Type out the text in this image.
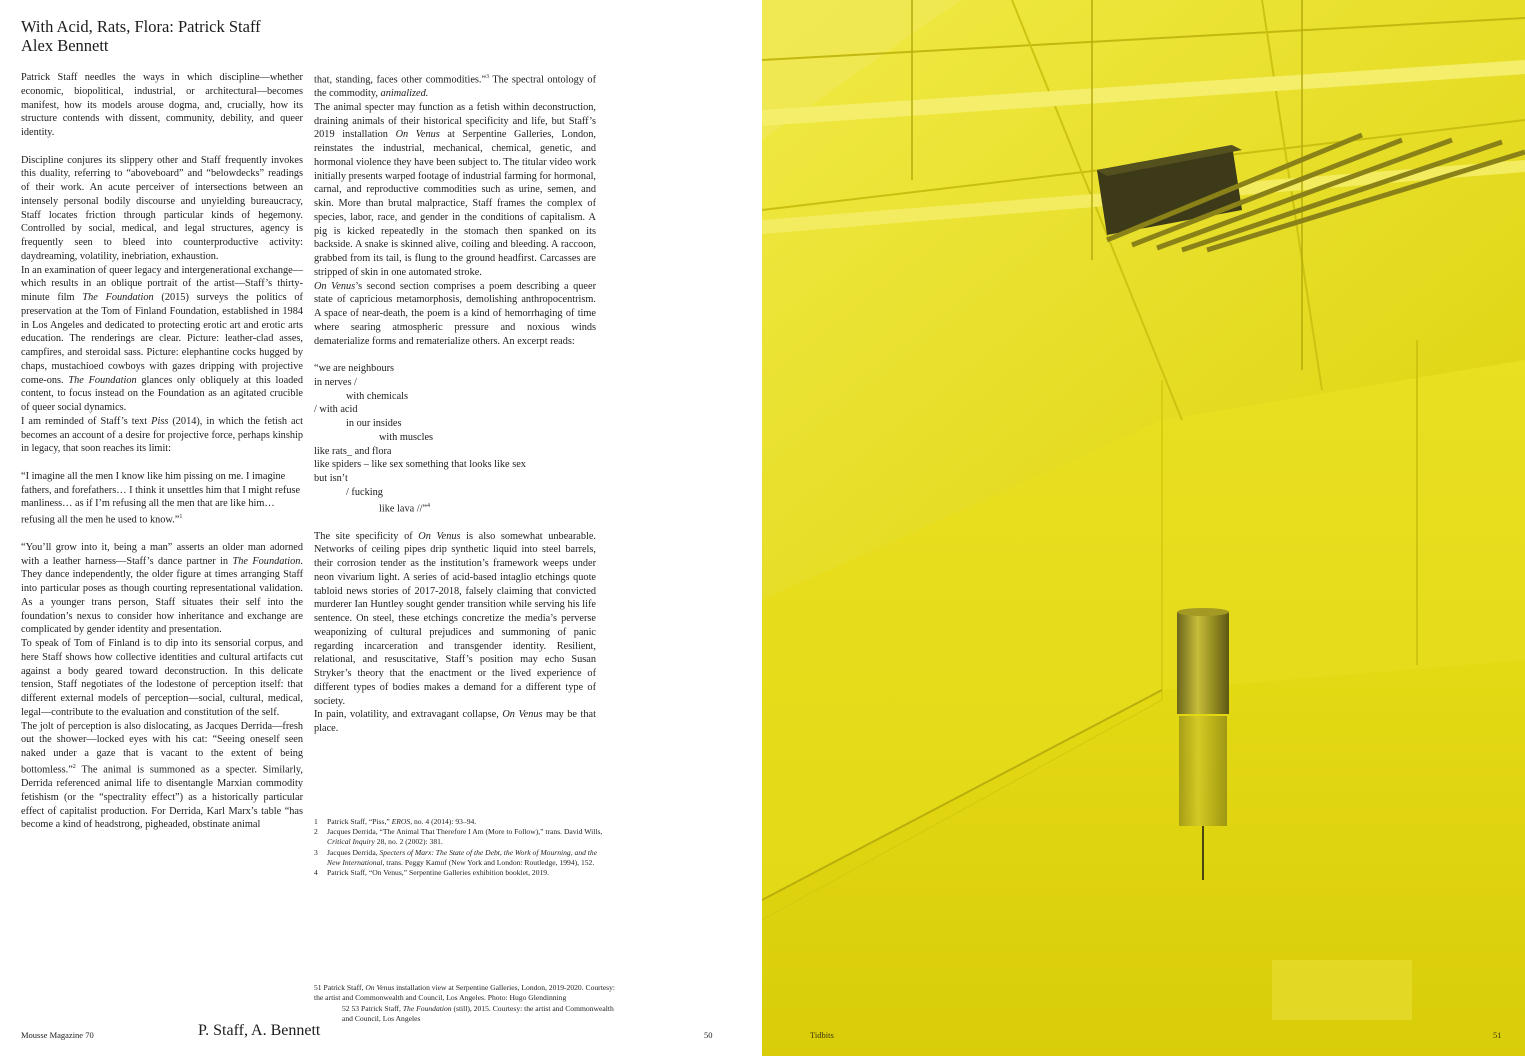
With Acid, Rats, Flora: Patrick Staff
Alex Bennett

Patrick Staff needles the ways in which discipline—whether economic, biopolitical, industrial, or architectural—becomes manifest, how its models arouse dogma, and, crucially, how its structure contends with dissent, community, debility, and queer identity.

Discipline conjures its slippery other and Staff frequently invokes this duality, referring to “aboveboard” and “belowdecks” readings of their work. An acute perceiver of intersections between an intensely personal bodily discourse and unyielding bureaucracy, Staff locates friction through particular kinds of hegemony. Controlled by social, medical, and legal structures, agency is frequently seen to bleed into counterproductive activity: daydreaming, volatility, inebriation, exhaustion.

In an examination of queer legacy and intergenerational exchange—which results in an oblique portrait of the artist—Staff’s thirty-minute film The Foundation (2015) surveys the politics of preservation at the Tom of Finland Foundation, established in 1984 in Los Angeles and dedicated to protecting erotic art and erotic arts education. The renderings are clear. Picture: leather-clad asses, campfires, and steroidal sass. Picture: elephantine cocks hugged by chaps, mustachioed cowboys with gazes dripping with projective come-ons. The Foundation glances only obliquely at this loaded content, to focus instead on the Foundation as an agitated crucible of queer social dynamics.

I am reminded of Staff’s text Piss (2014), in which the fetish act becomes an account of a desire for projective force, perhaps kinship in legacy, that soon reaches its limit:

“I imagine all the men I know like him pissing on me. I imagine fathers, and forefathers… I think it unsettles him that I might refuse manliness… as if I’m refusing all the men that are like him… refusing all the men he used to know.”$^1$

“You’ll grow into it, being a man” asserts an older man adorned with a leather harness—Staff’s dance partner in The Foundation. They dance independently, the older figure at times arranging Staff into particular poses as though courting representational validation. As a younger trans person, Staff situates their self into the foundation’s nexus to consider how inheritance and exchange are complicated by gender identity and presentation.

To speak of Tom of Finland is to dip into its sensorial corpus, and here Staff shows how collective identities and cultural artifacts cut against a body geared toward deconstruction. In this delicate tension, Staff negotiates of the lodestone of perception itself: that different external models of perception—social, cultural, medical, legal—contribute to the evaluation and constitution of the self.

The jolt of perception is also dislocating, as Jacques Derrida—fresh out the shower—locked eyes with his cat: “Seeing oneself seen naked under a gaze that is vacant to the extent of being bottomless.”$^2$ The animal is summoned as a specter. Similarly, Derrida referenced animal life to disentangle Marxian commodity fetishism (or the “spectrality effect”) as a historically particular effect of capitalist production. For Derrida, Karl Marx’s table “has become a kind of headstrong, pigheaded, obstinate animal

that, standing, faces other commodities.”$^3$ The spectral ontology of the commodity, animalized.

The animal specter may function as a fetish within deconstruction, draining animals of their historical specificity and life, but Staff’s 2019 installation On Venus at Serpentine Galleries, London, reinstates the industrial, mechanical, chemical, genetic, and hormonal violence they have been subject to. The titular video work initially presents warped footage of industrial farming for hormonal, carnal, and reproductive commodities such as urine, semen, and skin. More than brutal malpractice, Staff frames the complex of species, labor, race, and gender in the conditions of capitalism. A pig is kicked repeatedly in the stomach then spanked on its backside. A snake is skinned alive, coiling and bleeding. A raccoon, grabbed from its tail, is flung to the ground headfirst. Carcasses are stripped of skin in one automated stroke.

On Venus’s second section comprises a poem describing a queer state of capricious metamorphosis, demolishing anthropocentrism. A space of near-death, the poem is a kind of hemorrhaging of time where searing atmospheric pressure and noxious winds dematerialize forms and rematerialize others. An excerpt reads:

“we are neighbours
in nerves /
with chemicals
/ with acid
in our insides
with muscles
like rats_ and flora
like spiders – like sex something that looks like sex
but isn’t
/ fucking
like lava //”$^4$

The site specificity of On Venus is also somewhat unbearable. Networks of ceiling pipes drip synthetic liquid into steel barrels, their corrosion tender as the institution’s framework weeps under neon vivarium light. A series of acid-based intaglio etchings quote tabloid news stories of 2017-2018, falsely claiming that convicted murderer Ian Huntley sought gender transition while serving his life sentence. On steel, these etchings concretize the media’s perverse weaponizing of cultural prejudices and summoning of panic regarding incarceration and transgender identity. Resilient, relational, and resuscitative, Staff’s position may echo Susan Stryker’s theory that the enactment or the lived experience of different types of bodies makes a demand for a different type of society.

In pain, volatility, and extravagant collapse, On Venus may be that place.

1	Patrick Staff, “Piss,” EROS, no. 4 (2014): 93–94.

2	Jacques Derrida, “The Animal That Therefore I Am (More to Follow),” trans. David Wills, Critical Inquiry 28, no. 2 (2002): 381.

3	Jacques Derrida, Specters of Marx: The State of the Debt, the Work of Mourning, and the New International, trans. Peggy Kamuf (New York and London: Routledge, 1994), 152.

4	Patrick Staff, “On Venus,” Serpentine Galleries exhibition booklet, 2019.

51 Patrick Staff, On Venus installation view at Serpentine Galleries, London, 2019-2020. Courtesy: the artist and Commonwealth and Council, Los Angeles. Photo: Hugo Glendinning

52 53 Patrick Staff, The Foundation (still), 2015. Courtesy: the artist and Commonwealth and Council, Los Angeles

Mousse Magazine 70	P. Staff, A. Bennett	50	Tidbits	51
